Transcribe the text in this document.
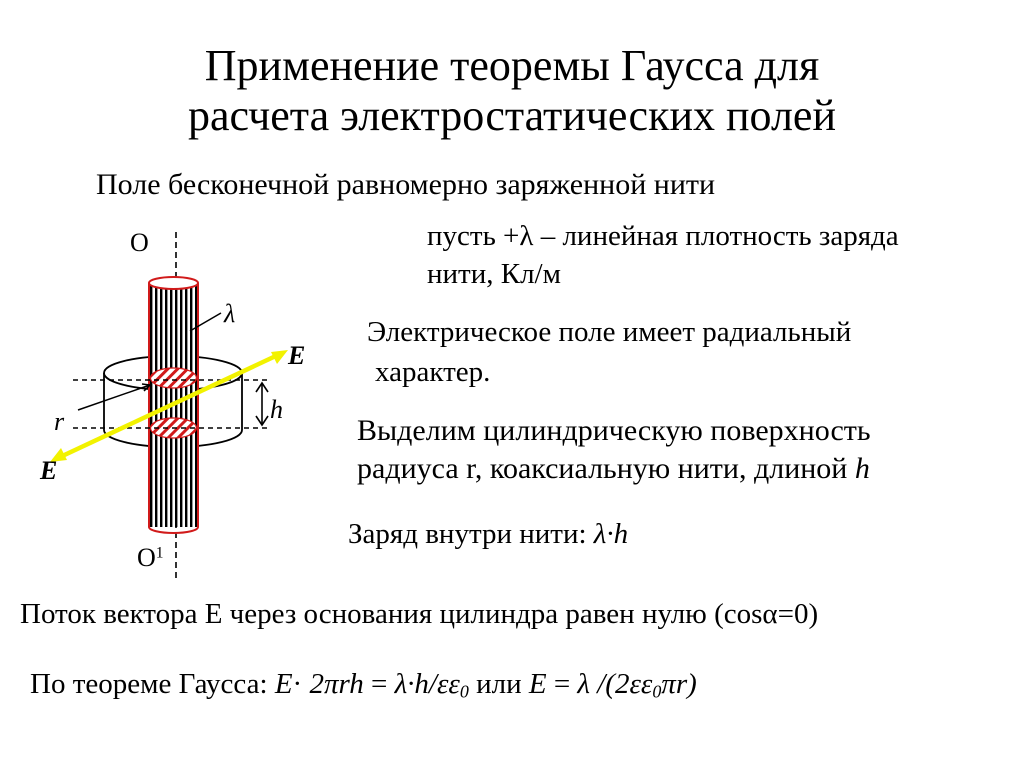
Применение теоремы Гаусса для
расчета электростатических полей
Поле бесконечной равномерно заряженной нити
пусть +λ – линейная плотность заряда
нити, Кл/м
Электрическое поле имеет радиальный
характер.
Выделим цилиндрическую поверхность
радиуса r, коаксиальную нити, длиной h
Заряд внутри нити: λ·h
Поток вектора E через основания цилиндра равен нулю (cosα=0)
По теореме Гаусса: $E\cdot 2\pi rh = \lambda\cdot h/\varepsilon\varepsilon_0$ или E = λ $/(2\varepsilon\varepsilon_0\pi r)$
O
$O^1$
λ
E
E
r	h
